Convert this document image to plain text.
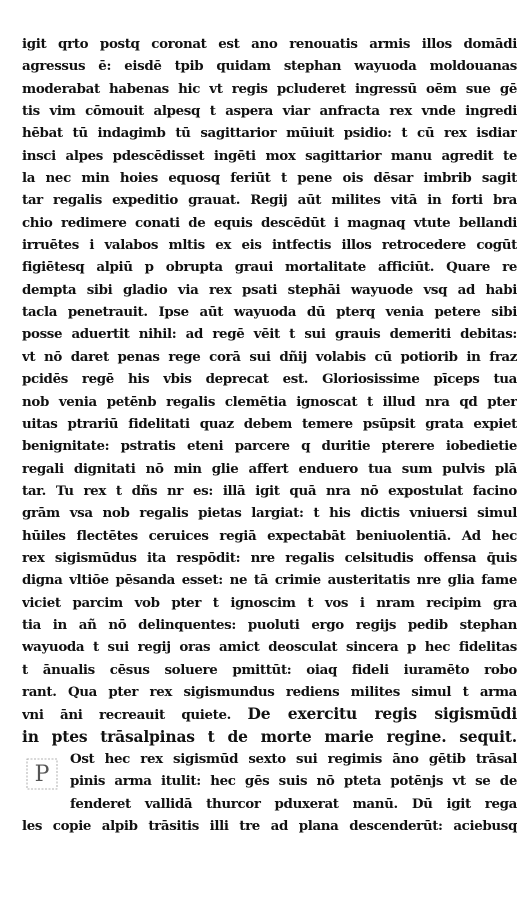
igit qrto postq coronat est ano renouatis armis illos domādi
agressus ē: eisdē tpib quidam stephan wayuoda moldouanas
moderabat habenas hic vt regis pcluderet ingressū oēm sue gē
tis vim cōmouit alpesq t aspera viar anfracta rex vnde ingredi
hēbat tū indagimb tū sagittarior mūiuit psidio: t cū rex isdiar
insci alpes pdescēdisset ingēti mox sagittarior manu agredit te
la nec min hoies equosq feriūt t pene ois dēsar imbrib sagit
tar regalis expeditio grauat. Regij aūt milites vitā in forti bra
chio redimere conati de equis descēdūt i magnaq vtute bellandi
irruētes i valabos mltis ex eis intfectis illos retrocedere cogūt
figiētesq alpiū p obrupta graui mortalitate afficiūt. Quare re
dempta sibi gladio via rex psati stephāi wayuode vsq ad habi
tacla penetrauit. Ipse aūt wayuoda dū pterq venia petere sibi
posse aduertit nihil: ad regē vēit t sui grauis demeriti debitas:
vt nō daret penas rege corā sui dñij volabis cū potiorib in fraz
pcidēs regē his vbis deprecat est. Gloriosissime pīceps tua
nob venia petēnb regalis clemētia ignoscat t illud nra qd pter
uitas ptrariū fidelitati quaz debem temere psūpsit grata expiet
benignitate: pstratis eteni parcere q duritie pterere iobedietie
regali dignitati nō min glie affert enduero tua sum pulvis plā
tar. Tu rex t dñs nr es: illā igit quā nra nō expostulat facino
grām vsa nob regalis pietas largiat: t his dictis vniuersi simul
hūiles flectētes ceruices regiā expectabāt beniuolentiā. Ad hec
rex sigismūdus ita respōdit: nre regalis celsitudis offensa q̄uis
digna vltiōe pēsanda esset: ne tā crimie austeritatis nre glia fame
viciet parcim vob pter t ignoscim t vos i nram recipim gra
tia in añ nō delinquentes: puoluti ergo regijs pedib stephan
wayuoda t sui regij oras amict deosculat sincera p hec fidelitas
t ānualis cēsus soluere pmittūt: oiaq fideli iuramēto robo
rant. Qua pter rex sigismundus rediens milites simul t arma
vni āni recreauit quiete. De exercitu regis sigismūdi
in ptes trāsalpinas t de morte marie regine. sequit.
Ost hec rex sigismūd sexto sui regimis āno gētib trāsal
pinis arma itulit: hec gēs suis nō pteta potēnjs vt se de
fenderet vallidā thurcor pduxerat manū. Dū igit rega
les copie alpib trāsitis illi tre ad plana descenderūt: aciebusq
P
